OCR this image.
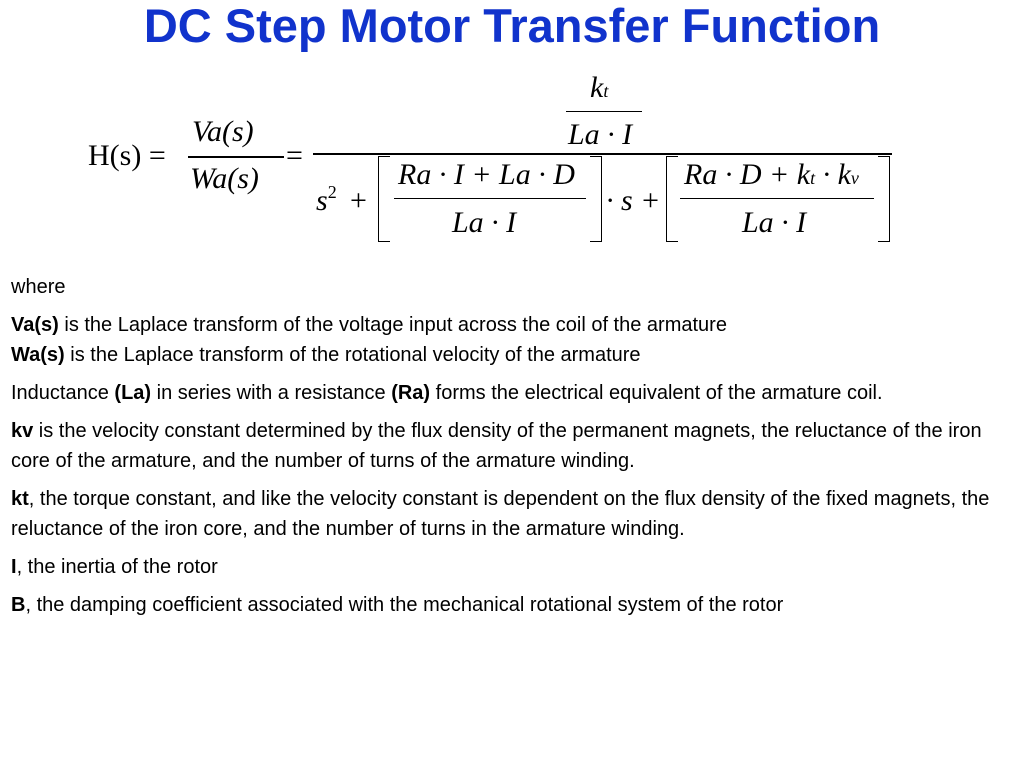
DC Step Motor Transfer Function
H(s) =
Va(s)
Wa(s)
=
kt
La · I
$s^2$ +
Ra · I + La · D
La · I
· s +
Ra · D + kt · kv
La · I

where

Va(s) is the Laplace transform of the voltage input across the coil of the armature

Wa(s) is the Laplace transform of the rotational velocity of the armature

Inductance (La) in series with a resistance (Ra) forms the electrical equivalent of the armature coil.

kv is the velocity constant determined by the flux density of the permanent magnets, the reluctance of the iron core of the armature, and the number of turns of the armature winding.

kt, the torque constant, and like the velocity constant is dependent on the flux density of the fixed magnets, the reluctance of the iron core, and the number of turns in the armature winding.

I, the inertia of the rotor

B, the damping coefficient associated with the mechanical rotational system of the rotor
